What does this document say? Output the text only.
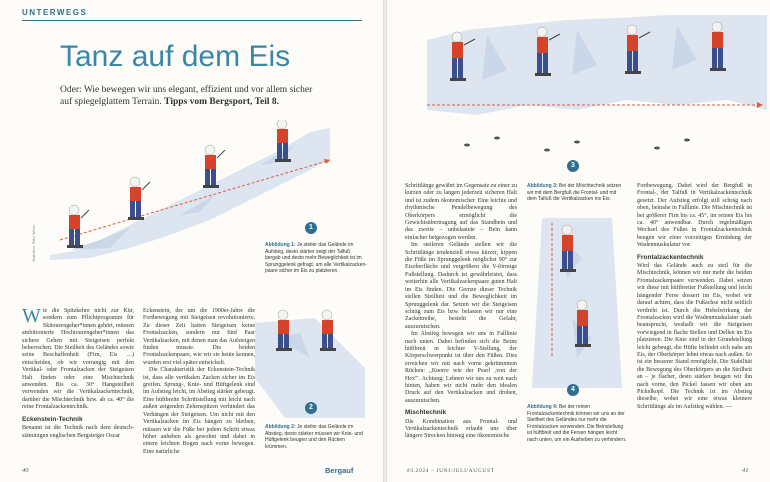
UNTERWEGS
Tanz auf dem Eis
Oder: Wie bewegen wir uns elegant, effizient und vor allem sicher auf spiegelglattem Terrain. Tipps vom Bergsport, Teil 8.
GERHARD MÖSSMER
1
Illustration: Ritter Weiler	Abbildung 1: Je steiler das Gelände im Aufstieg, desto stärker zeigt der Talfuß bergab und desto mehr Beweglichkeit ist im Sprunggelenk gefragt, um alle Vertikalzacken-paare sicher im Eis zu platzieren.
2
Abbildung 2: Je steiler das Gelände im Abstieg, desto stärker müssen wir Knie- und Hüftgelenk beugen und den Rücken krümmen.

Wie die Spitzkehre nicht zur Kür, sondern zum Pflichtprogramm für Skitourengeher*innen gehört, müssen ambitionierte Hochtourengeher*innen das sichere Gehen mit Steigeisen perfekt beherrschen. Die Steilheit des Geländes sowie seine Beschaffenheit (Firn, Eis …) entscheiden, ob wir vorrangig mit den Vertikal- oder Frontalzacken der Steigeisen Halt finden oder eine Mischtechnik anwenden. Bis ca. 30° Hangsteilheit verwenden wir die Vertikalzackentechnik, darüber die Mischtechnik bzw. ab ca. 40° die reine Frontalzackentechnik.

Eckenstein-Technik

Benannt ist die Technik nach dem deutsch-stämmigen englischen Bergsteiger Oscar

Eckenstein, der um die 1900er-Jahre die Fortbewegung mit Steigeisen revolutionierte. Zu dieser Zeit hatten Steigeisen keine Frontalzacken, sondern nur fünf Paar Vertikalzacken, mit denen man das Aufsteigen finden musste. Die beiden Frontalzackenpaare, wie wir sie heute kennen, wurden erst viel später entwickelt.

Die Charakteristik der Eckenstein-Technik ist, dass alle vertikalen Zacken sicher im Eis greifen. Sprung-, Knie- und Hüftgelenk sind im Aufstieg leicht, im Abstieg stärker gebeugt. Eine hüftbreite Schrittstellung mit leicht nach außen zeigenden Zehenspitzen verhindert das Verhängen der Steigeisen. Um nicht mit den Vertikalzacken im Eis hängen zu bleiben, müssen wir die Füße bei jedem Schritt etwas höher anheben als gewohnt und dabei in einem leichten Bogen nach vorne bewegen. Eine natürliche

40	Bergauf
3
Abbildung 3: Bei der Mischtechnik setzen wir mit dem Bergfuß die Frontal- und mit dem Talfuß die Vertikalzacken ins Eis.
4
Abbildung 4: Bei der reinen Frontalzackentechnik können wir uns an der Steilheit des Geländes nur mehr die Frontalzacken verwenden. Die Beinstellung ist hüftbreit und die Fersen hängen leicht nach unten, um ein Ausheben zu verhindern.

Schrittlänge gewährt im Gegensatz zu einer zu kurzen oder zu langen jederzeit sicheren Halt und ist zudem ökonomischer. Eine leichte und rhythmische Pendelbewegung des Oberkörpers ermöglicht die Gewichtsübertragung auf das Standbein und das zweite – unbelastete – Bein kann einfacher beigezogen werden.

Im steileren Gelände stellen wir die Schrittlänge tendenziell etwas kürzer, kippen die Füße im Sprunggelenk möglichst 90° zur Eisoberfläche und vergrößern die V-förmige Fußstellung. Dadurch ist gewährleistet, dass weiterhin alle Vertikalzackenpaare guten Halt im Eis finden. Die Grenze dieser Technik stellen Steilheit und die Beweglichkeit im Sprunggelenk dar. Setzen wir die Steigeisen schräg zum Eis bzw. belasten wir nur eine Zackenreihe, besteht die Gefahr, auszurutschen.

Im Abstieg bewegen wir uns in Falllinie nach unten. Dabei befinden sich die Beine hüftbreit in leichter V-Stellung, der Körperschwerpunkt ist über den Füßen. Dies erreichen wir mit nach vorne gekrümmtem Rücken: „Knorre wie der Pearl ‚von der Hex'". Achtung: Lehnen wir uns zu weit nach hinten, haben wir nicht mehr den idealen Druck auf den Vertikalzacken und drohen, auszurutschen.

Mischtechnik

Die Kombination aus Frontal- und Vertikalzackentechnik erlaubt uns über längere Strecken hinweg eine ökonomische

Fortbewegung. Dabei wird der Bergfuß in Frontal-, der Talfuß in Vertikalzackentechnik gesetzt. Der Aufstieg erfolgt still schräg nach oben, beinahe in Falllinie. Die Mischtechnik ist bei größerer Firn bis ca. 45°, im reinen Eis bis ca. 40° anwendbar. Durch regelmäßigen Wechsel des Fußes in Frontalzackentechnik beugen wir einer vorzeitigen Ermüdung der Wadenmuskulatur vor.

Frontalzackentechnik

Wird das Gelände auch zu steil für die Mischtechnik, können wir nur mehr die beiden Frontalzackenpaare verwenden. Dabei setzen wir diese mit hüftbreiter Fußstellung und leicht hängender Ferse dossert im Eis, wobei wir darauf achten, dass die Fußachse nicht seitlich verdreht ist. Durch die Hebelwirkung der Frontalzacken wird die Wadenmuskulatur stark beansprucht, weshalb wir die Steigeisen vorwiegend in flache Stellen und Dellen im Eis platzieren. Die Knie sind in der Grundstellung leicht gebeugt, die Hüfte befindet sich nahe am Eis, der Oberkörper lehnt etwas nach außen. So ist ein besserer Stand ermöglicht. Die Stabilität die Bewegung des Oberkörpers an die Steilheit an – je flacher, desto stärker beugen wir ihn nach vorne, den Pickel fassen wir oben am Pickelkopf. Die Technik ist im Abstieg dieselbe, wobei wir eine etwas kleinere Schrittlänge als im Aufstieg wählen. —

#3.2024 – JUNI/JULI/AUGUST	41
